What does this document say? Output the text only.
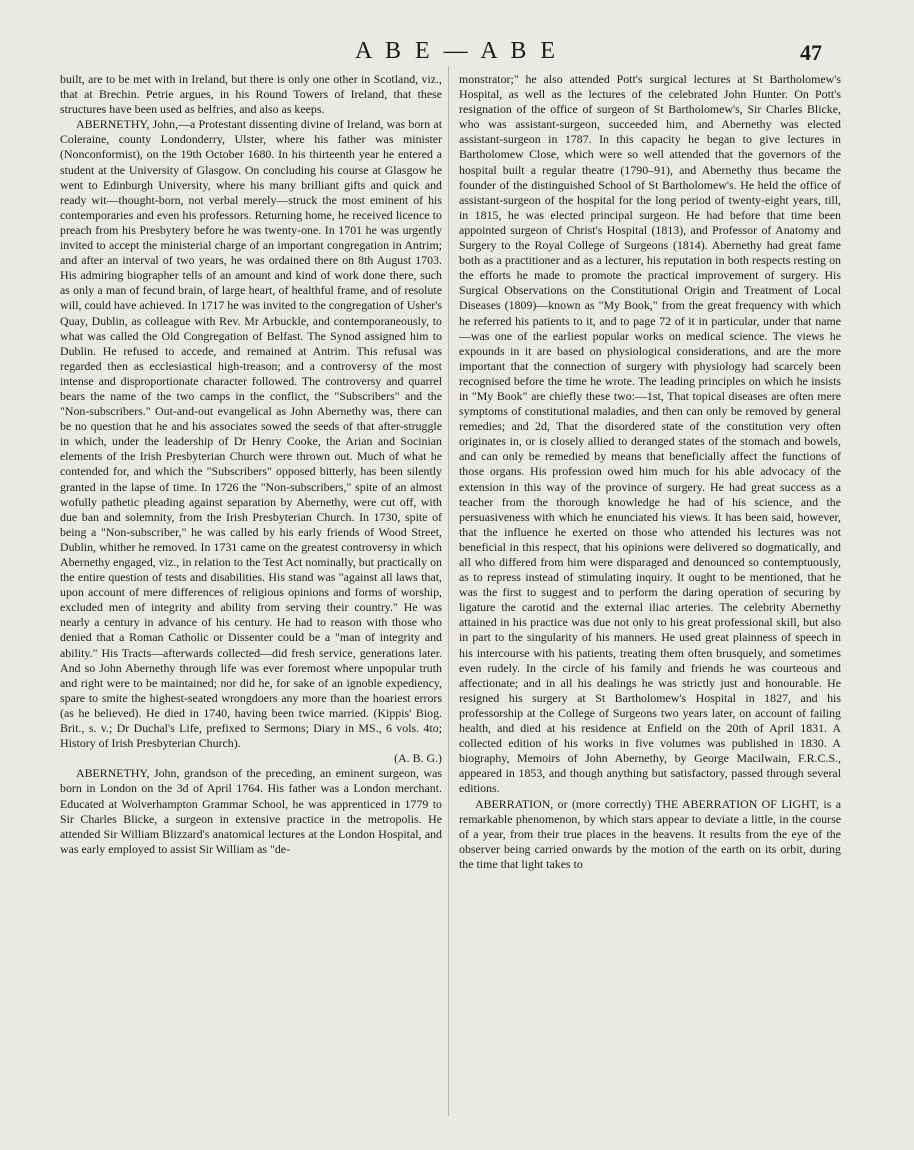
A B E — A B E	47

built, are to be met with in Ireland, but there is only one other in Scotland, viz., that at Brechin. Petrie argues, in his Round Towers of Ireland, that these structures have been used as belfries, and also as keeps.

ABERNETHY, John,—a Protestant dissenting divine of Ireland, was born at Coleraine, county Londonderry, Ulster, where his father was minister (Nonconformist), on the 19th October 1680. In his thirteenth year he entered a student at the University of Glasgow. On concluding his course at Glasgow he went to Edinburgh University, where his many brilliant gifts and quick and ready wit—thought-born, not verbal merely—struck the most eminent of his contemporaries and even his professors. Returning home, he received licence to preach from his Presbytery before he was twenty-one. In 1701 he was urgently invited to accept the ministerial charge of an important congregation in Antrim; and after an interval of two years, he was ordained there on 8th August 1703. His admiring biographer tells of an amount and kind of work done there, such as only a man of fecund brain, of large heart, of healthful frame, and of resolute will, could have achieved. In 1717 he was invited to the congregation of Usher's Quay, Dublin, as colleague with Rev. Mr Arbuckle, and contemporaneously, to what was called the Old Congregation of Belfast. The Synod assigned him to Dublin. He refused to accede, and remained at Antrim. This refusal was regarded then as ecclesiastical high-treason; and a controversy of the most intense and disproportionate character followed. The controversy and quarrel bears the name of the two camps in the conflict, the "Subscribers" and the "Non-subscribers." Out-and-out evangelical as John Abernethy was, there can be no question that he and his associates sowed the seeds of that after-struggle in which, under the leadership of Dr Henry Cooke, the Arian and Socinian elements of the Irish Presbyterian Church were thrown out. Much of what he contended for, and which the "Subscribers" opposed bitterly, has been silently granted in the lapse of time. In 1726 the "Non-subscribers," spite of an almost wofully pathetic pleading against separation by Abernethy, were cut off, with due ban and solemnity, from the Irish Presbyterian Church. In 1730, spite of being a "Non-subscriber," he was called by his early friends of Wood Street, Dublin, whither he removed. In 1731 came on the greatest controversy in which Abernethy engaged, viz., in relation to the Test Act nominally, but practically on the entire question of tests and disabilities. His stand was "against all laws that, upon account of mere differences of religious opinions and forms of worship, excluded men of integrity and ability from serving their country." He was nearly a century in advance of his century. He had to reason with those who denied that a Roman Catholic or Dissenter could be a "man of integrity and ability." His Tracts—afterwards collected—did fresh service, generations later. And so John Abernethy through life was ever foremost where unpopular truth and right were to be maintained; nor did he, for sake of an ignoble expediency, spare to smite the highest-seated wrongdoers any more than the hoariest errors (as he believed). He died in 1740, having been twice married. (Kippis' Biog. Brit., s. v.; Dr Duchal's Life, prefixed to Sermons; Diary in MS., 6 vols. 4to; History of Irish Presbyterian Church).

(A. B. G.)

ABERNETHY, John, grandson of the preceding, an eminent surgeon, was born in London on the 3d of April 1764. His father was a London merchant. Educated at Wolverhampton Grammar School, he was apprenticed in 1779 to Sir Charles Blicke, a surgeon in extensive practice in the metropolis. He attended Sir William Blizzard's anatomical lectures at the London Hospital, and was early employed to assist Sir William as "de-

monstrator;" he also attended Pott's surgical lectures at St Bartholomew's Hospital, as well as the lectures of the celebrated John Hunter. On Pott's resignation of the office of surgeon of St Bartholomew's, Sir Charles Blicke, who was assistant-surgeon, succeeded him, and Abernethy was elected assistant-surgeon in 1787. In this capacity he began to give lectures in Bartholomew Close, which were so well attended that the governors of the hospital built a regular theatre (1790–91), and Abernethy thus became the founder of the distinguished School of St Bartholomew's. He held the office of assistant-surgeon of the hospital for the long period of twenty-eight years, till, in 1815, he was elected principal surgeon. He had before that time been appointed surgeon of Christ's Hospital (1813), and Professor of Anatomy and Surgery to the Royal College of Surgeons (1814). Abernethy had great fame both as a practitioner and as a lecturer, his reputation in both respects resting on the efforts he made to promote the practical improvement of surgery. His Surgical Observations on the Constitutional Origin and Treatment of Local Diseases (1809)—known as "My Book," from the great frequency with which he referred his patients to it, and to page 72 of it in particular, under that name—was one of the earliest popular works on medical science. The views he expounds in it are based on physiological considerations, and are the more important that the connection of surgery with physiology had scarcely been recognised before the time he wrote. The leading principles on which he insists in "My Book" are chiefly these two:—1st, That topical diseases are often mere symptoms of constitutional maladies, and then can only be removed by general remedies; and 2d, That the disordered state of the constitution very often originates in, or is closely allied to deranged states of the stomach and bowels, and can only be remedied by means that beneficially affect the functions of those organs. His profession owed him much for his able advocacy of the extension in this way of the province of surgery. He had great success as a teacher from the thorough knowledge he had of his science, and the persuasiveness with which he enunciated his views. It has been said, however, that the influence he exerted on those who attended his lectures was not beneficial in this respect, that his opinions were delivered so dogmatically, and all who differed from him were disparaged and denounced so contemptuously, as to repress instead of stimulating inquiry. It ought to be mentioned, that he was the first to suggest and to perform the daring operation of securing by ligature the carotid and the external iliac arteries. The celebrity Abernethy attained in his practice was due not only to his great professional skill, but also in part to the singularity of his manners. He used great plainness of speech in his intercourse with his patients, treating them often brusquely, and sometimes even rudely. In the circle of his family and friends he was courteous and affectionate; and in all his dealings he was strictly just and honourable. He resigned his surgery at St Bartholomew's Hospital in 1827, and his professorship at the College of Surgeons two years later, on account of failing health, and died at his residence at Enfield on the 20th of April 1831. A collected edition of his works in five volumes was published in 1830. A biography, Memoirs of John Abernethy, by George Macilwain, F.R.C.S., appeared in 1853, and though anything but satisfactory, passed through several editions.

ABERRATION, or (more correctly) THE ABERRATION OF LIGHT, is a remarkable phenomenon, by which stars appear to deviate a little, in the course of a year, from their true places in the heavens. It results from the eye of the observer being carried onwards by the motion of the earth on its orbit, during the time that light takes to
